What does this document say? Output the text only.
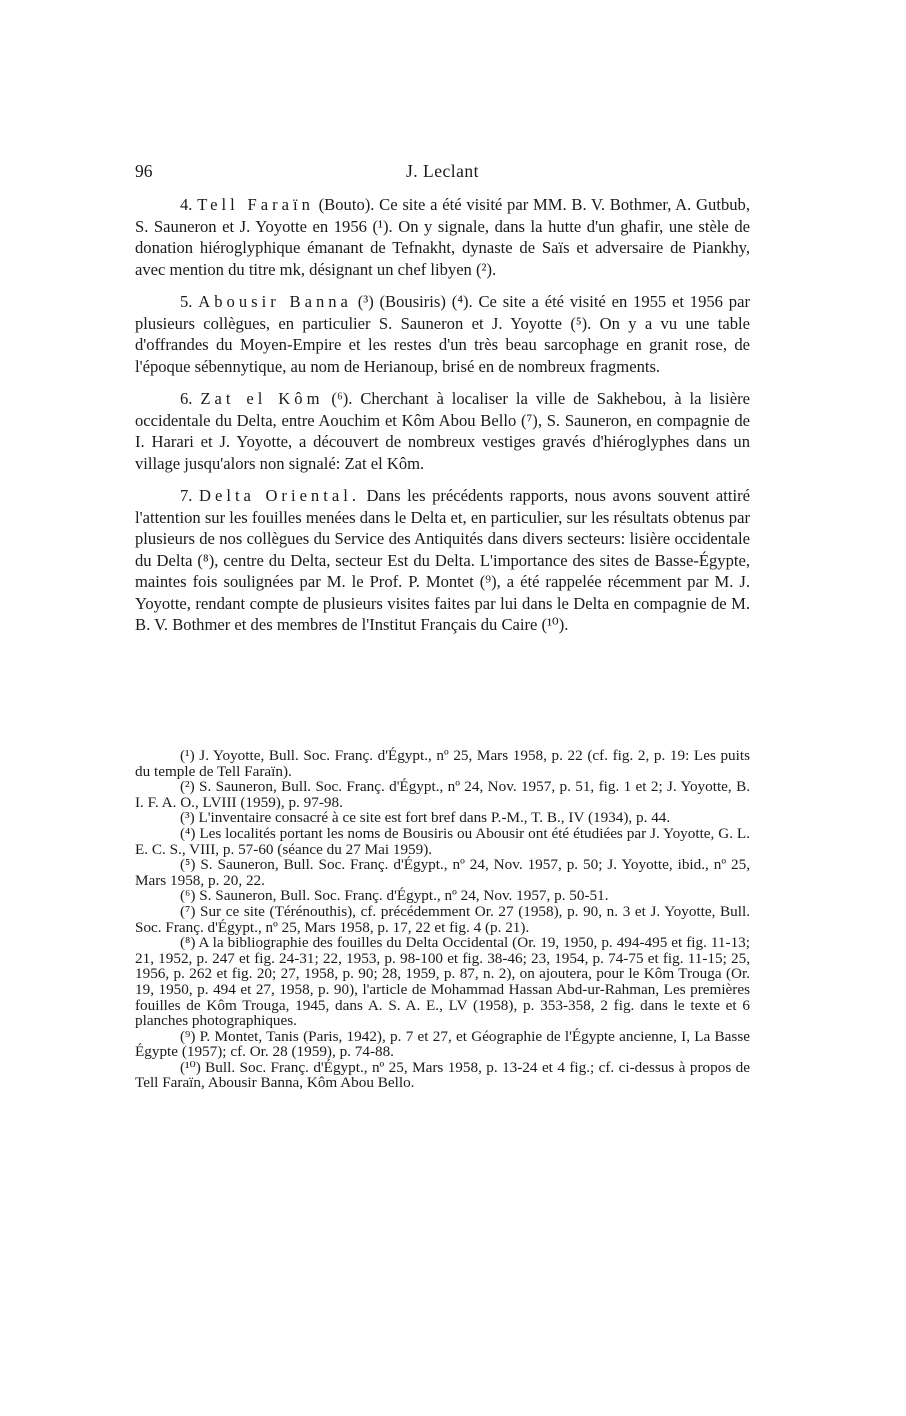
96	J. Leclant

4. Tell Faraïn (Bouto). Ce site a été visité par MM. B. V. Bothmer, A. Gutbub, S. Sauneron et J. Yoyotte en 1956 (¹). On y signale, dans la hutte d'un ghafir, une stèle de donation hiéroglyphique émanant de Tefnakht, dynaste de Saïs et adversaire de Piankhy, avec mention du titre mk, désignant un chef libyen (²).

5. Abousir Banna (³) (Bousiris) (⁴). Ce site a été visité en 1955 et 1956 par plusieurs collègues, en particulier S. Sauneron et J. Yoyotte (⁵). On y a vu une table d'offrandes du Moyen-Empire et les restes d'un très beau sarcophage en granit rose, de l'époque sébennytique, au nom de Herianoup, brisé en de nombreux fragments.

6. Zat el Kôm (⁶). Cherchant à localiser la ville de Sakhebou, à la lisière occidentale du Delta, entre Aouchim et Kôm Abou Bello (⁷), S. Sauneron, en compagnie de I. Harari et J. Yoyotte, a découvert de nombreux vestiges gravés d'hiéroglyphes dans un village jusqu'alors non signalé: Zat el Kôm.

7. Delta Oriental. Dans les précédents rapports, nous avons souvent attiré l'attention sur les fouilles menées dans le Delta et, en particulier, sur les résultats obtenus par plusieurs de nos collègues du Service des Antiquités dans divers secteurs: lisière occidentale du Delta (⁸), centre du Delta, secteur Est du Delta. L'importance des sites de Basse-Égypte, maintes fois soulignées par M. le Prof. P. Montet (⁹), a été rappelée récemment par M. J. Yoyotte, rendant compte de plusieurs visites faites par lui dans le Delta en compagnie de M. B. V. Bothmer et des membres de l'Institut Français du Caire (¹⁰).

(¹) J. Yoyotte, Bull. Soc. Franç. d'Égypt., nº 25, Mars 1958, p. 22 (cf. fig. 2, p. 19: Les puits du temple de Tell Faraïn).

(²) S. Sauneron, Bull. Soc. Franç. d'Égypt., nº 24, Nov. 1957, p. 51, fig. 1 et 2; J. Yoyotte, B. I. F. A. O., LVIII (1959), p. 97-98.

(³) L'inventaire consacré à ce site est fort bref dans P.-M., T. B., IV (1934), p. 44.

(⁴) Les localités portant les noms de Bousiris ou Abousir ont été étudiées par J. Yoyotte, G. L. E. C. S., VIII, p. 57-60 (séance du 27 Mai 1959).

(⁵) S. Sauneron, Bull. Soc. Franç. d'Égypt., nº 24, Nov. 1957, p. 50; J. Yoyotte, ibid., nº 25, Mars 1958, p. 20, 22.

(⁶) S. Sauneron, Bull. Soc. Franç. d'Égypt., nº 24, Nov. 1957, p. 50-51.

(⁷) Sur ce site (Térénouthis), cf. précédemment Or. 27 (1958), p. 90, n. 3 et J. Yoyotte, Bull. Soc. Franç. d'Égypt., nº 25, Mars 1958, p. 17, 22 et fig. 4 (p. 21).

(⁸) A la bibliographie des fouilles du Delta Occidental (Or. 19, 1950, p. 494-495 et fig. 11-13; 21, 1952, p. 247 et fig. 24-31; 22, 1953, p. 98-100 et fig. 38-46; 23, 1954, p. 74-75 et fig. 11-15; 25, 1956, p. 262 et fig. 20; 27, 1958, p. 90; 28, 1959, p. 87, n. 2), on ajoutera, pour le Kôm Trouga (Or. 19, 1950, p. 494 et 27, 1958, p. 90), l'article de Mohammad Hassan Abd-ur-Rahman, Les premières fouilles de Kôm Trouga, 1945, dans A. S. A. E., LV (1958), p. 353-358, 2 fig. dans le texte et 6 planches photographiques.

(⁹) P. Montet, Tanis (Paris, 1942), p. 7 et 27, et Géographie de l'Égypte ancienne, I, La Basse Égypte (1957); cf. Or. 28 (1959), p. 74-88.

(¹⁰) Bull. Soc. Franç. d'Égypt., nº 25, Mars 1958, p. 13-24 et 4 fig.; cf. ci-dessus à propos de Tell Faraïn, Abousir Banna, Kôm Abou Bello.
